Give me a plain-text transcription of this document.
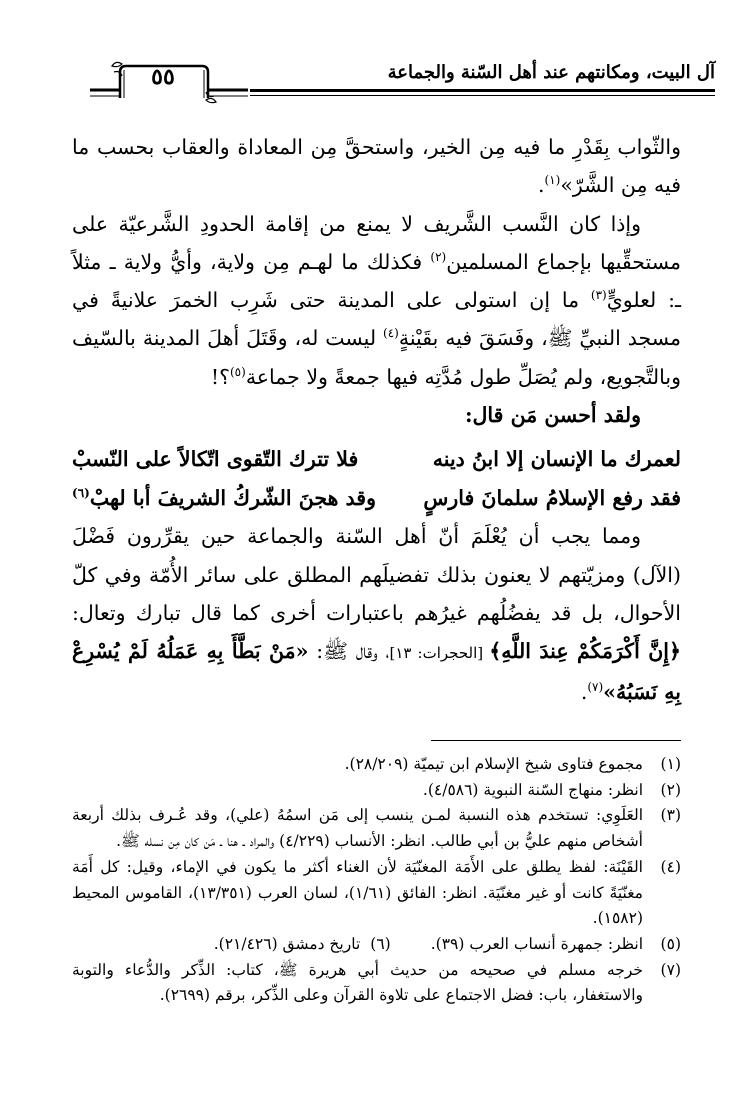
آل البيت، ومكانتهم عند أهل السّنة والجماعة
٥٥

والثّواب بِقَدْرِ ما فيه مِن الخير، واستحقَّ مِن المعاداة والعقاب بحسب ما فيه مِن الشَّرّ»$^{(١)}$.

وإذا كان النَّسب الشَّريف لا يمنع من إقامة الحدودِ الشَّرعيّة على مستحقِّيها بإجماع المسلمين$^{(٢)}$ فكذلك ما لهـم مِن ولاية، وأيُّ ولاية ـ مثلاً ـ: لعلويٍّ$^{(٣)}$ ما إن استولى على المدينة حتى شَرِب الخمرَ علانيةً في مسجد النبيِّ ﷺ، وفَسَقَ فيه بقَيْنةٍ$^{(٤)}$ ليست له، وقَتَلَ أهلَ المدينة بالسّيف وبالتَّجويع، ولم يُصَلِّ طول مُدَّتِه فيها جمعةً ولا جماعة$^{(٥)}$؟!

ولقد أحسن مَن قال:

لعمرك ما الإنسان إلا ابنُ دينه
فلا تترك التّقوى اتّكالاً على النّسبْ
فقد رفع الإسلامُ سلمانَ فارسٍ
وقد هجنَ الشّركُ الشريفَ أبا لهبْ$^{(٦)}$

ومما يجب أن يُعْلَمَ أنّ أهل السّنة والجماعة حين يقرِّرون فَضْلَ (الآل) ومزيّتهم لا يعنون بذلك تفضيلَهم المطلق على سائر الأُمّة وفي كلّ الأحوال، بل قد يفضُلُهم غيرُهم باعتبارات أخرى كما قال تبارك وتعال: ﴿إِنَّ أَكْرَمَكُمْ عِندَ اللَّهِ﴾ [الحجرات: ١٣]، وقال ﷺ: «مَنْ بَطَّأَ بِهِ عَمَلُهُ لَمْ يُسْرِعْ بِهِ نَسَبُهُ»$^{(٧)}$.

(١)
مجموع فتاوى شيخ الإسلام ابن تيميّة (٢٨/٢٠٩).
(٢)
انظر: منهاج السّنة النبوية (٤/٥٨٦).
(٣)
العَلَوِي: تستخدم هذه النسبة لمـن ينسب إلى مَن اسمُهُ (علي)، وقد عُـرف بذلك أربعة أشخاص منهم عليُّ بن أبي طالب. انظر: الأنساب (٤/٢٢٩) والمراد ـ هنا ـ مَن كان مِن نسله ﷺ.
(٤)
القَيْنَة: لفظ يطلق على الأَمَة المغنّيَة لأن الغناء أكثر ما يكون في الإماء، وقيل: كل أَمَة مغنّيَةً كانت أو غير مغنّيَة. انظر: الفائق (١/٦١)، لسان العرب (١٣/٣٥١)، القاموس المحيط (١٥٨٢).
(٥)
انظر: جمهرة أنساب العرب (٣٩).
(٦)
تاريخ دمشق (٢١/٤٢٦).
(٧)
خرجه مسلم في صحيحه من حديث أبي هريرة ﷺ، كتاب: الذِّكر والدُّعاء والتوبة والاستغفار، باب: فضل الاجتماع على تلاوة القرآن وعلى الذِّكر، برقم (٢٦٩٩).
